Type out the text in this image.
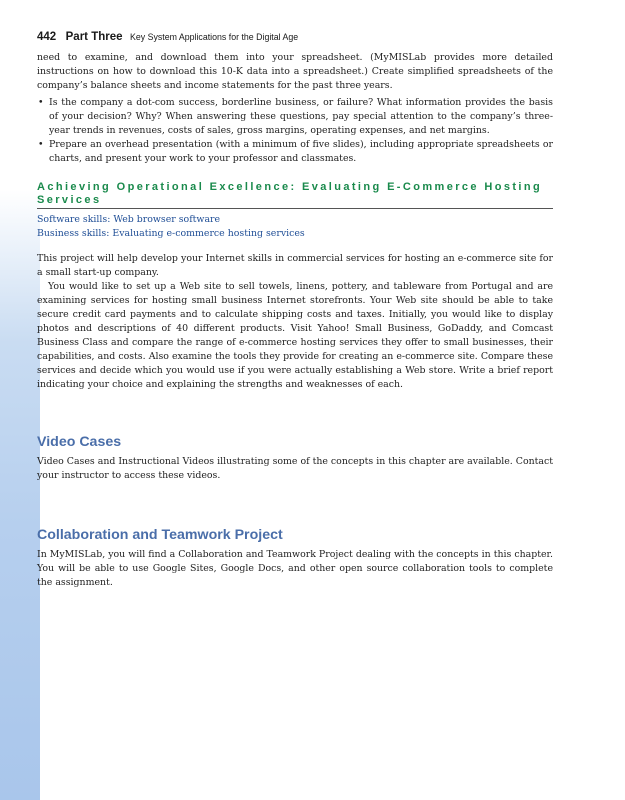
442 Part Three Key System Applications for the Digital Age

need to examine, and download them into your spreadsheet. (MyMISLab provides more detailed instructions on how to download this 10-K data into a spreadsheet.) Create simplified spreadsheets of the company’s balance sheets and income statements for the past three years.

• Is the company a dot-com success, borderline business, or failure? What information provides the basis of your decision? Why? When answering these questions, pay special attention to the company’s three-year trends in revenues, costs of sales, gross margins, operating expenses, and net margins.
• Prepare an overhead presentation (with a minimum of five slides), including appropriate spreadsheets or charts, and present your work to your professor and classmates.
Achieving Operational Excellence: Evaluating E-Commerce Hosting Services
Software skills: Web browser software
Business skills: Evaluating e-commerce hosting services

This project will help develop your Internet skills in commercial services for hosting an e-commerce site for a small start-up company.

You would like to set up a Web site to sell towels, linens, pottery, and tableware from Portugal and are examining services for hosting small business Internet storefronts. Your Web site should be able to take secure credit card payments and to calculate shipping costs and taxes. Initially, you would like to display photos and descriptions of 40 different products. Visit Yahoo! Small Business, GoDaddy, and Comcast Business Class and compare the range of e-commerce hosting services they offer to small businesses, their capabilities, and costs. Also examine the tools they provide for creating an e-commerce site. Compare these services and decide which you would use if you were actually establishing a Web store. Write a brief report indicating your choice and explaining the strengths and weaknesses of each.

Video Cases

Video Cases and Instructional Videos illustrating some of the concepts in this chapter are available. Contact your instructor to access these videos.

Collaboration and Teamwork Project

In MyMISLab, you will find a Collaboration and Teamwork Project dealing with the concepts in this chapter. You will be able to use Google Sites, Google Docs, and other open source collaboration tools to complete the assignment.
